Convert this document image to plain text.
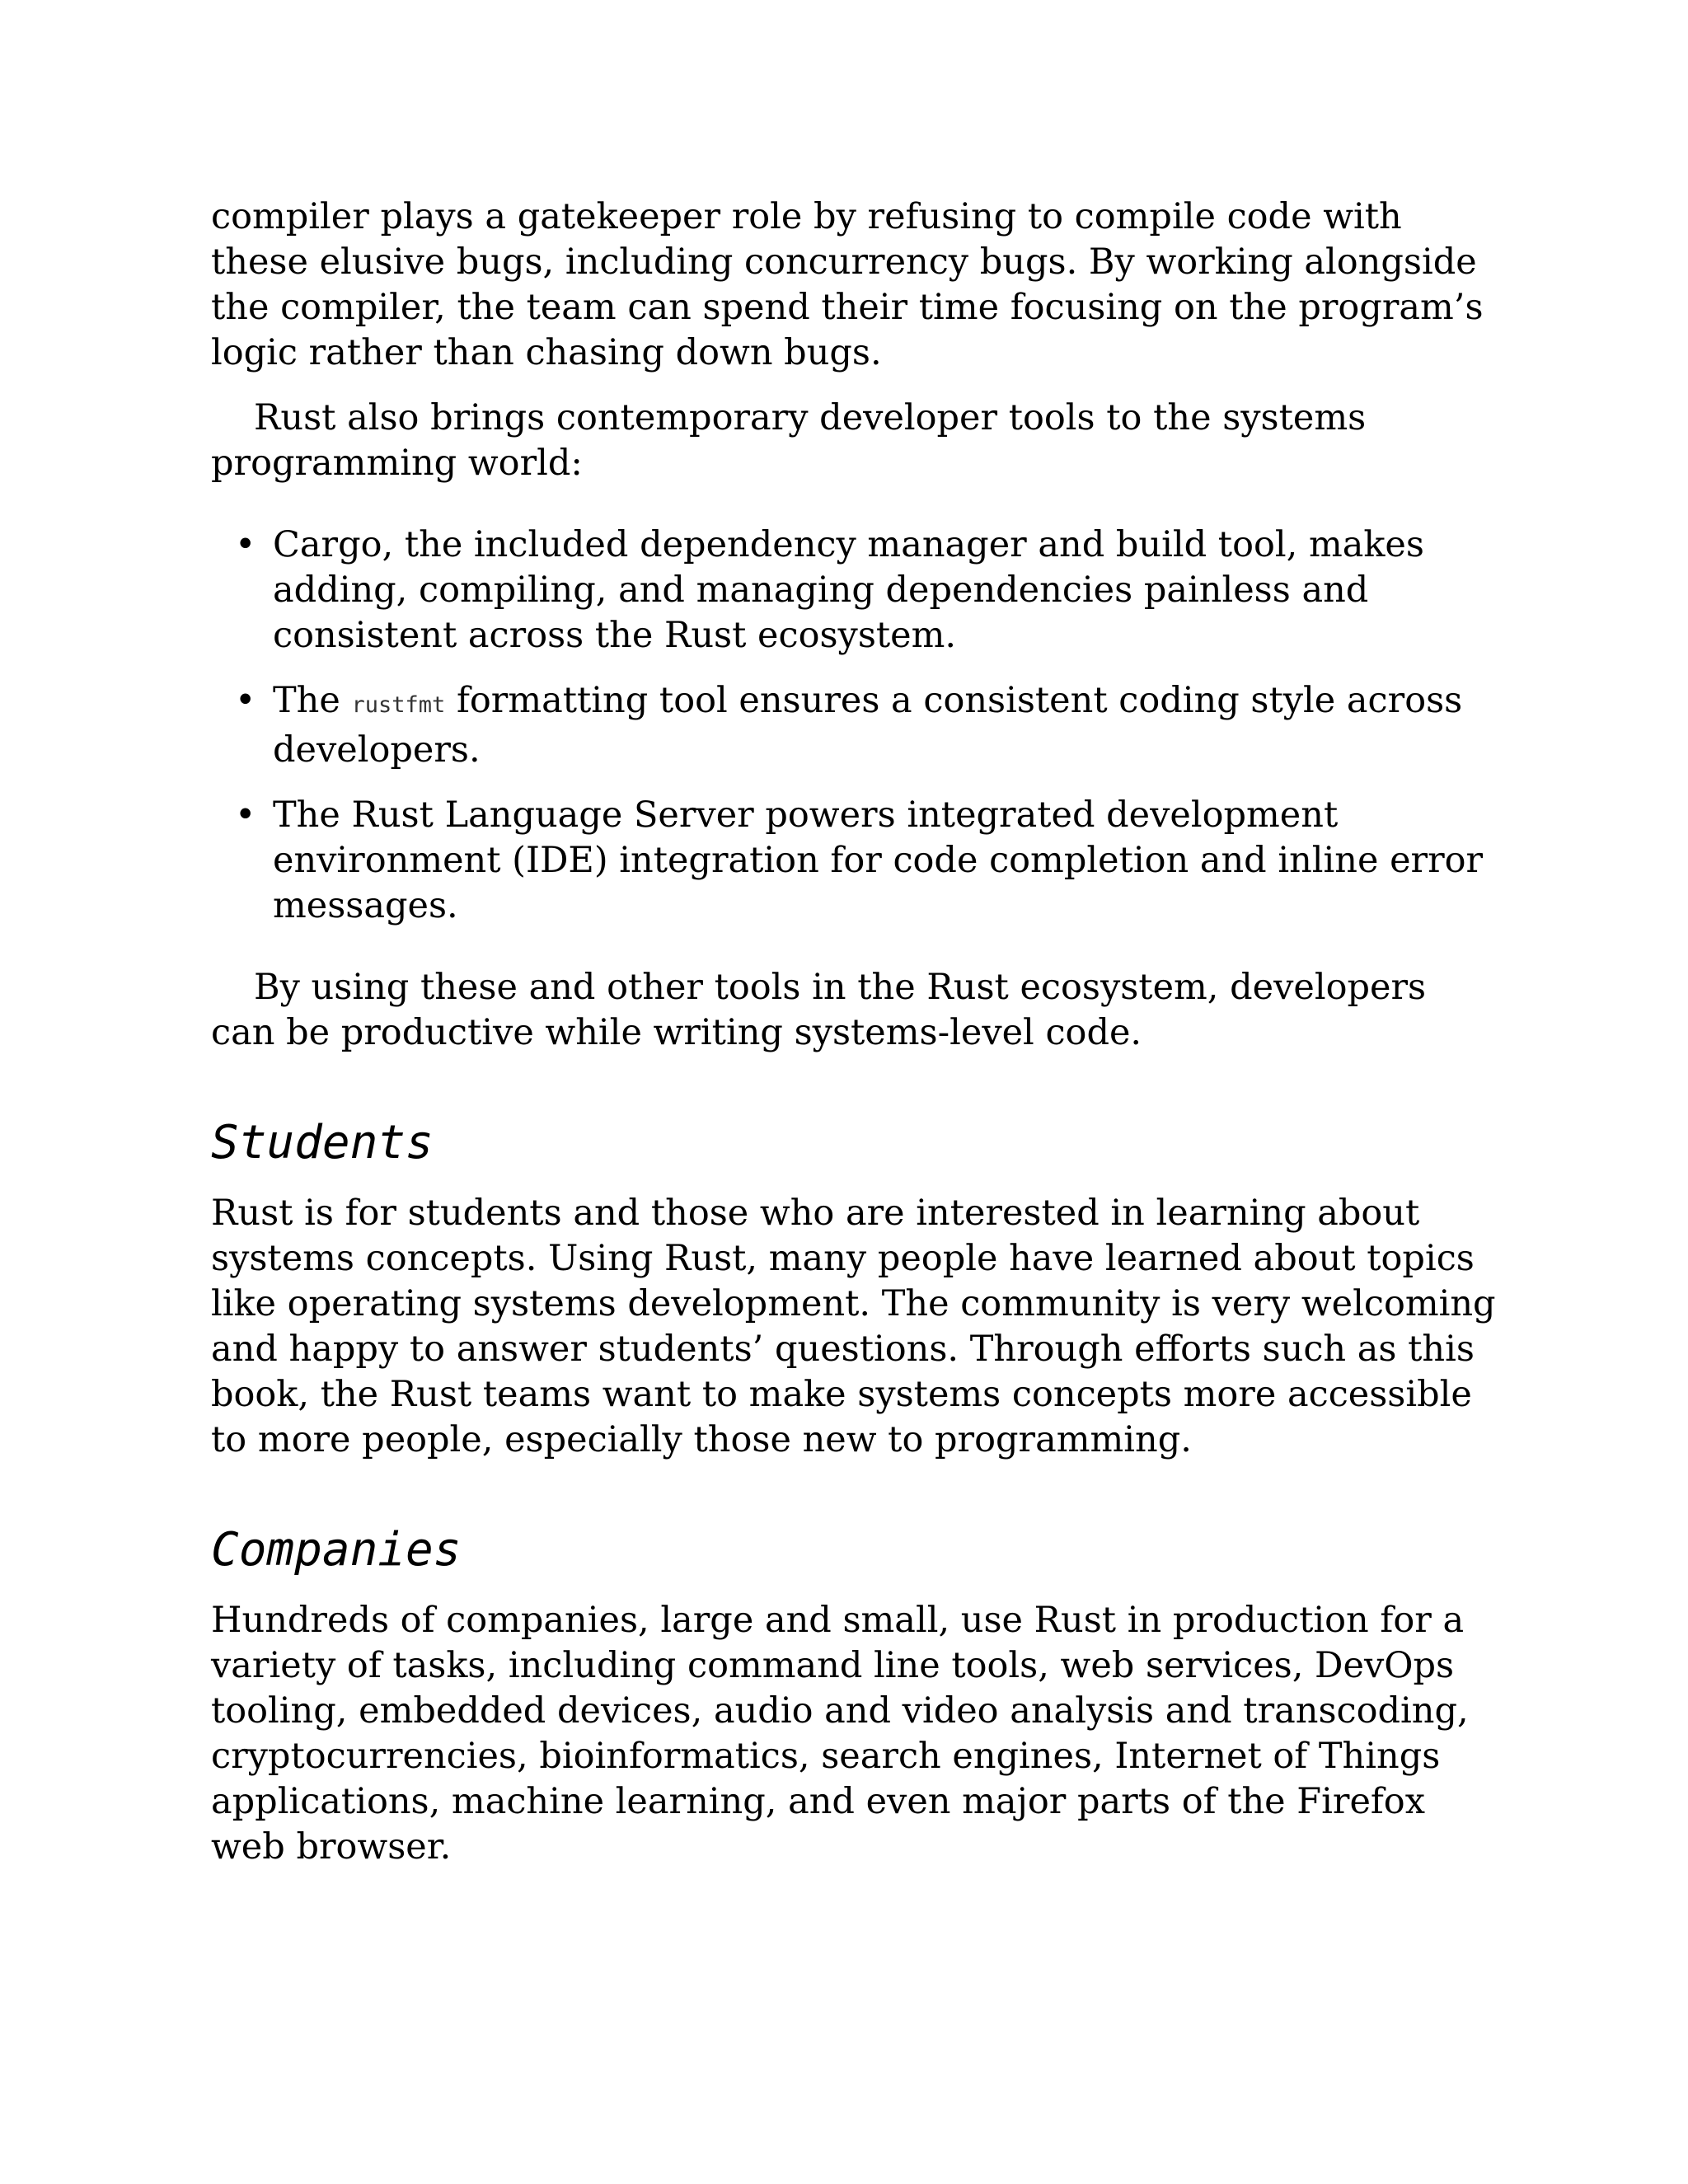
compiler plays a gatekeeper role by refusing to compile code with these elusive bugs, including concurrency bugs. By working alongside the compiler, the team can spend their time focusing on the program’s logic rather than chasing down bugs.

Rust also brings contemporary developer tools to the systems programming world:

• Cargo, the included dependency manager and build tool, makes adding, compiling, and managing dependencies painless and consistent across the Rust ecosystem.
• The rustfmt formatting tool ensures a consistent coding style across developers.
• The Rust Language Server powers integrated development environment (IDE) integration for code completion and inline error messages.

By using these and other tools in the Rust ecosystem, developers can be productive while writing systems-level code.

Students

Rust is for students and those who are interested in learning about systems concepts. Using Rust, many people have learned about topics like operating systems development. The community is very welcoming and happy to answer students’ questions. Through efforts such as this book, the Rust teams want to make systems concepts more accessible to more people, especially those new to programming.

Companies

Hundreds of companies, large and small, use Rust in production for a variety of tasks, including command line tools, web services, DevOps tooling, embedded devices, audio and video analysis and transcoding, cryptocurrencies, bioinformatics, search engines, Internet of Things applications, machine learning, and even major parts of the Firefox web browser.
